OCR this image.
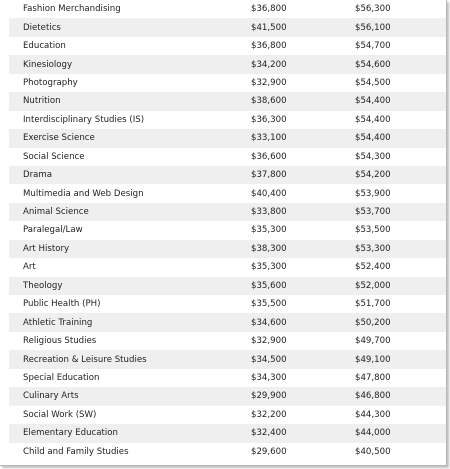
Fashion Merchandising	$36,800	$56,300
Dietetics	$41,500	$56,100
Education	$36,800	$54,700
Kinesiology	$34,200	$54,600
Photography	$32,900	$54,500
Nutrition	$38,600	$54,400
Interdisciplinary Studies (IS)	$36,300	$54,400
Exercise Science	$33,100	$54,400
Social Science	$36,600	$54,300
Drama	$37,800	$54,200
Multimedia and Web Design	$40,400	$53,900
Animal Science	$33,800	$53,700
Paralegal/Law	$35,300	$53,500
Art History	$38,300	$53,300
Art	$35,300	$52,400
Theology	$35,600	$52,000
Public Health (PH)	$35,500	$51,700
Athletic Training	$34,600	$50,200
Religious Studies	$32,900	$49,700
Recreation & Leisure Studies	$34,500	$49,100
Special Education	$34,300	$47,800
Culinary Arts	$29,900	$46,800
Social Work (SW)	$32,200	$44,300
Elementary Education	$32,400	$44,000
Child and Family Studies	$29,600	$40,500
